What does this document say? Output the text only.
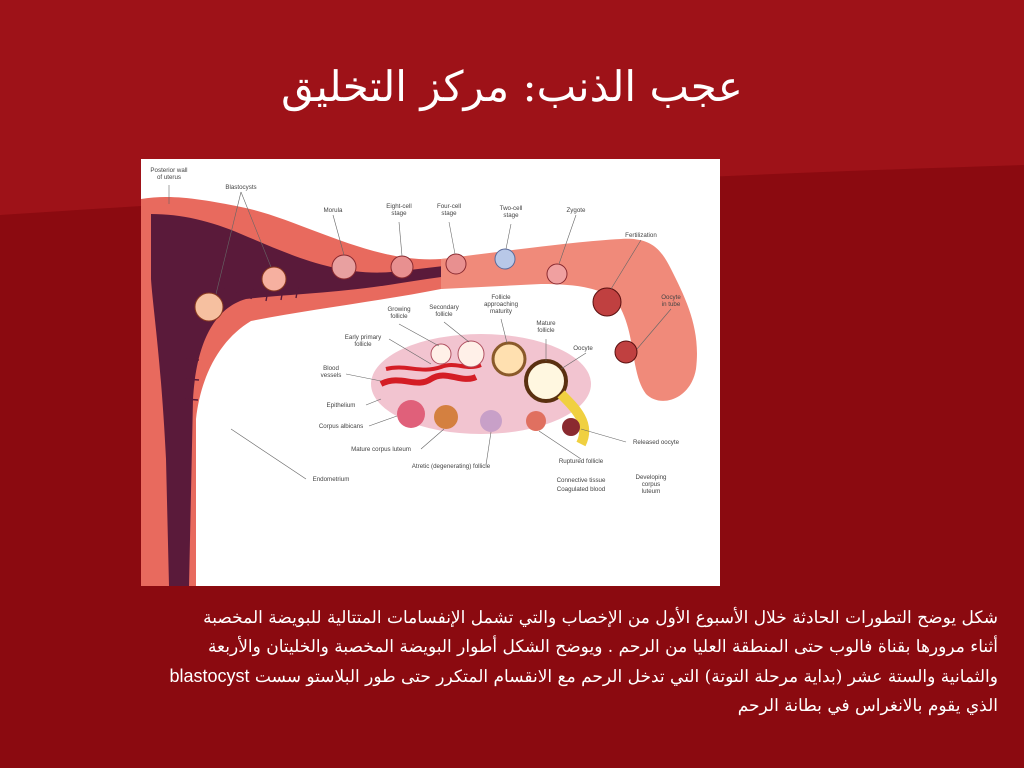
عجب الذنب: مركز التخليق
Posterior wall of uterus
Blastocysts
Morula
Eight-cell stage
Four-cell stage
Two-cell stage
Zygote
Fertilization
Oocyte in tube
Growing follicle
Secondary follicle
Follicle approaching maturity
Mature follicle
Oocyte
Early primary follicle
Blood vessels
Epithelium
Corpus albicans
Mature corpus luteum
Atretic (degenerating) follicle
Released oocyte
Ruptured follicle
Connective tissue
Coagulated blood
Developing corpus luteum
Endometrium
شكل يوضح التطورات الحادثة خلال الأسبوع الأول من الإخصاب والتي تشمل الإنفسامات المتتالية للبويضة المخصبة
أثناء مرورها بقناة فالوب حتى المنطقة العليا من الرحم . ويوضح الشكل أطوار البويضة المخصبة والخليتان والأربعة
والثمانية والستة عشر (بداية مرحلة التوتة) التي تدخل الرحم مع الانقسام المتكرر حتى طور البلاستو سست blastocyst
الذي يقوم بالانغراس في بطانة الرحم
